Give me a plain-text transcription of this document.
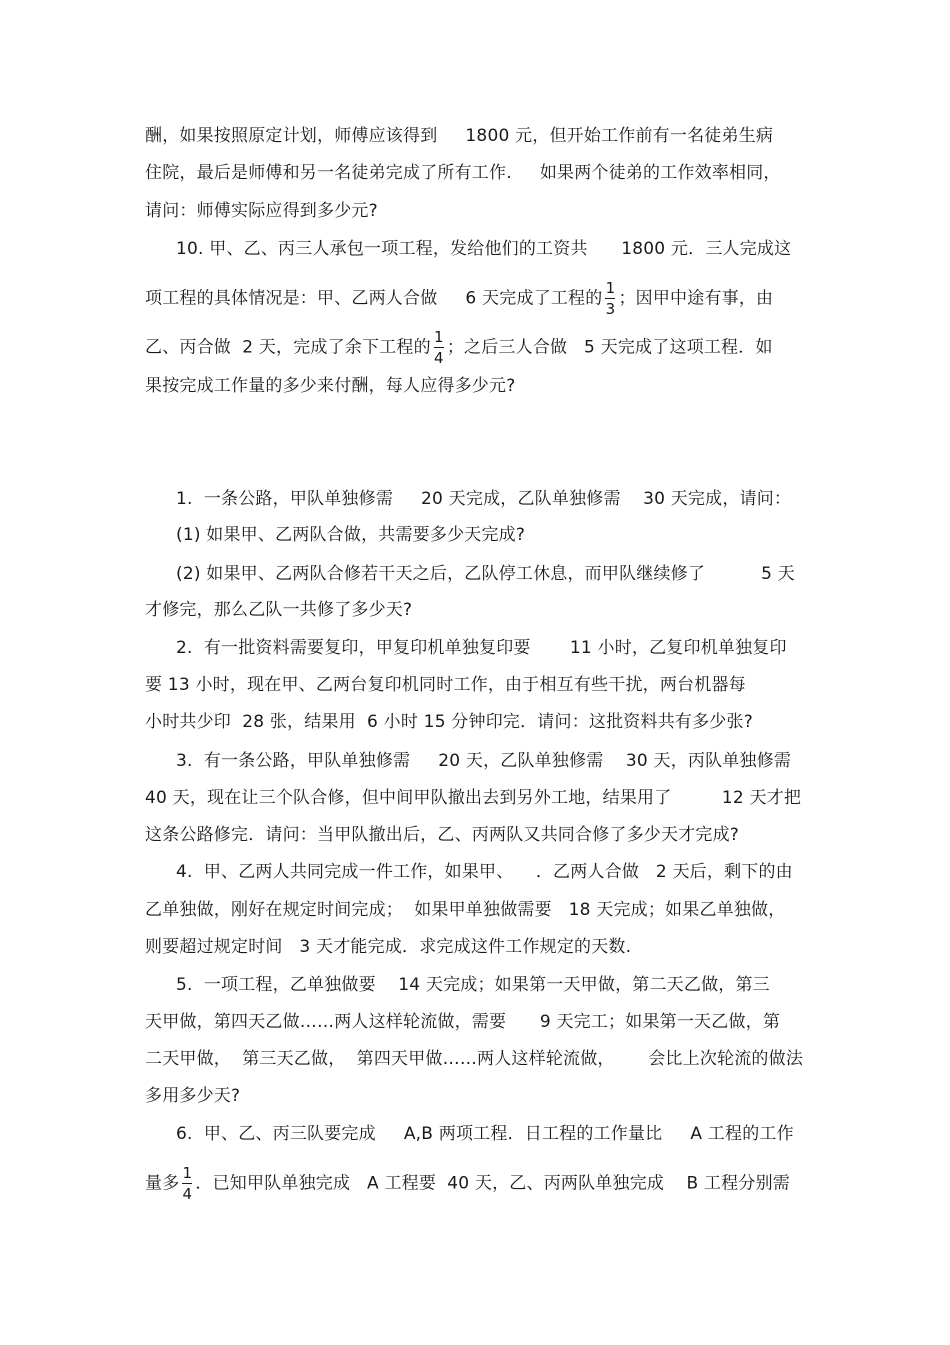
酬，如果按照原定计划，师傅应该得到     1800 元，但开始工作前有一名徒弟生病
住院，最后是师傅和另一名徒弟完成了所有工作.     如果两个徒弟的工作效率相同，
请问：师傅实际应得到多少元?
10. 甲、乙、丙三人承包一项工程，发给他们的工资共      1800 元．三人完成这
项工程的具体情况是：甲、乙两人合做     6 天完成了工程的 $\frac{1}{3}$ ；因甲中途有事，由
乙、丙合做  2 天，完成了余下工程的 $\frac{1}{4}$ ；之后三人合做   5 天完成了这项工程．如
果按完成工作量的多少来付酬，每人应得多少元?
1.  一条公路，甲队单独修需     20 天完成，乙队单独修需    30 天完成，请问：
(1) 如果甲、乙两队合做，共需要多少天完成?
(2) 如果甲、乙两队合修若干天之后，乙队停工休息，而甲队继续修了          5 天
才修完，那么乙队一共修了多少天?
2.  有一批资料需要复印，甲复印机单独复印要       11 小时，乙复印机单独复印
要 13 小时，现在甲、乙两台复印机同时工作，由于相互有些干扰，两台机器每
小时共少印  28 张，结果用  6 小时 15 分钟印完．请问：这批资料共有多少张?
3.  有一条公路，甲队单独修需     20 天，乙队单独修需    30 天，丙队单独修需
40 天，现在让三个队合修，但中间甲队撤出去到另外工地，结果用了         12 天才把
这条公路修完．请问：当甲队撤出后，乙、丙两队又共同合修了多少天才完成?
4.  甲、乙两人共同完成一件工作，如果甲、    ．乙两人合做   2 天后，剩下的由
乙单独做，刚好在规定时间完成；  如果甲单独做需要   18 天完成；如果乙单独做，
则要超过规定时间   3 天才能完成．求完成这件工作规定的天数.
5.  一项工程，乙单独做要    14 天完成；如果第一天甲做，第二天乙做，第三
天甲做，第四天乙做……两人这样轮流做，需要      9 天完工；如果第一天乙做，第
二天甲做，  第三天乙做，  第四天甲做……两人这样轮流做，      会比上次轮流的做法
多用多少天?
6.  甲、乙、丙三队要完成     A,B 两项工程．日工程的工作量比     A 工程的工作
量多 $\frac{1}{4}$ ．已知甲队单独完成   A 工程要  40 天，乙、丙两队单独完成    B 工程分别需
